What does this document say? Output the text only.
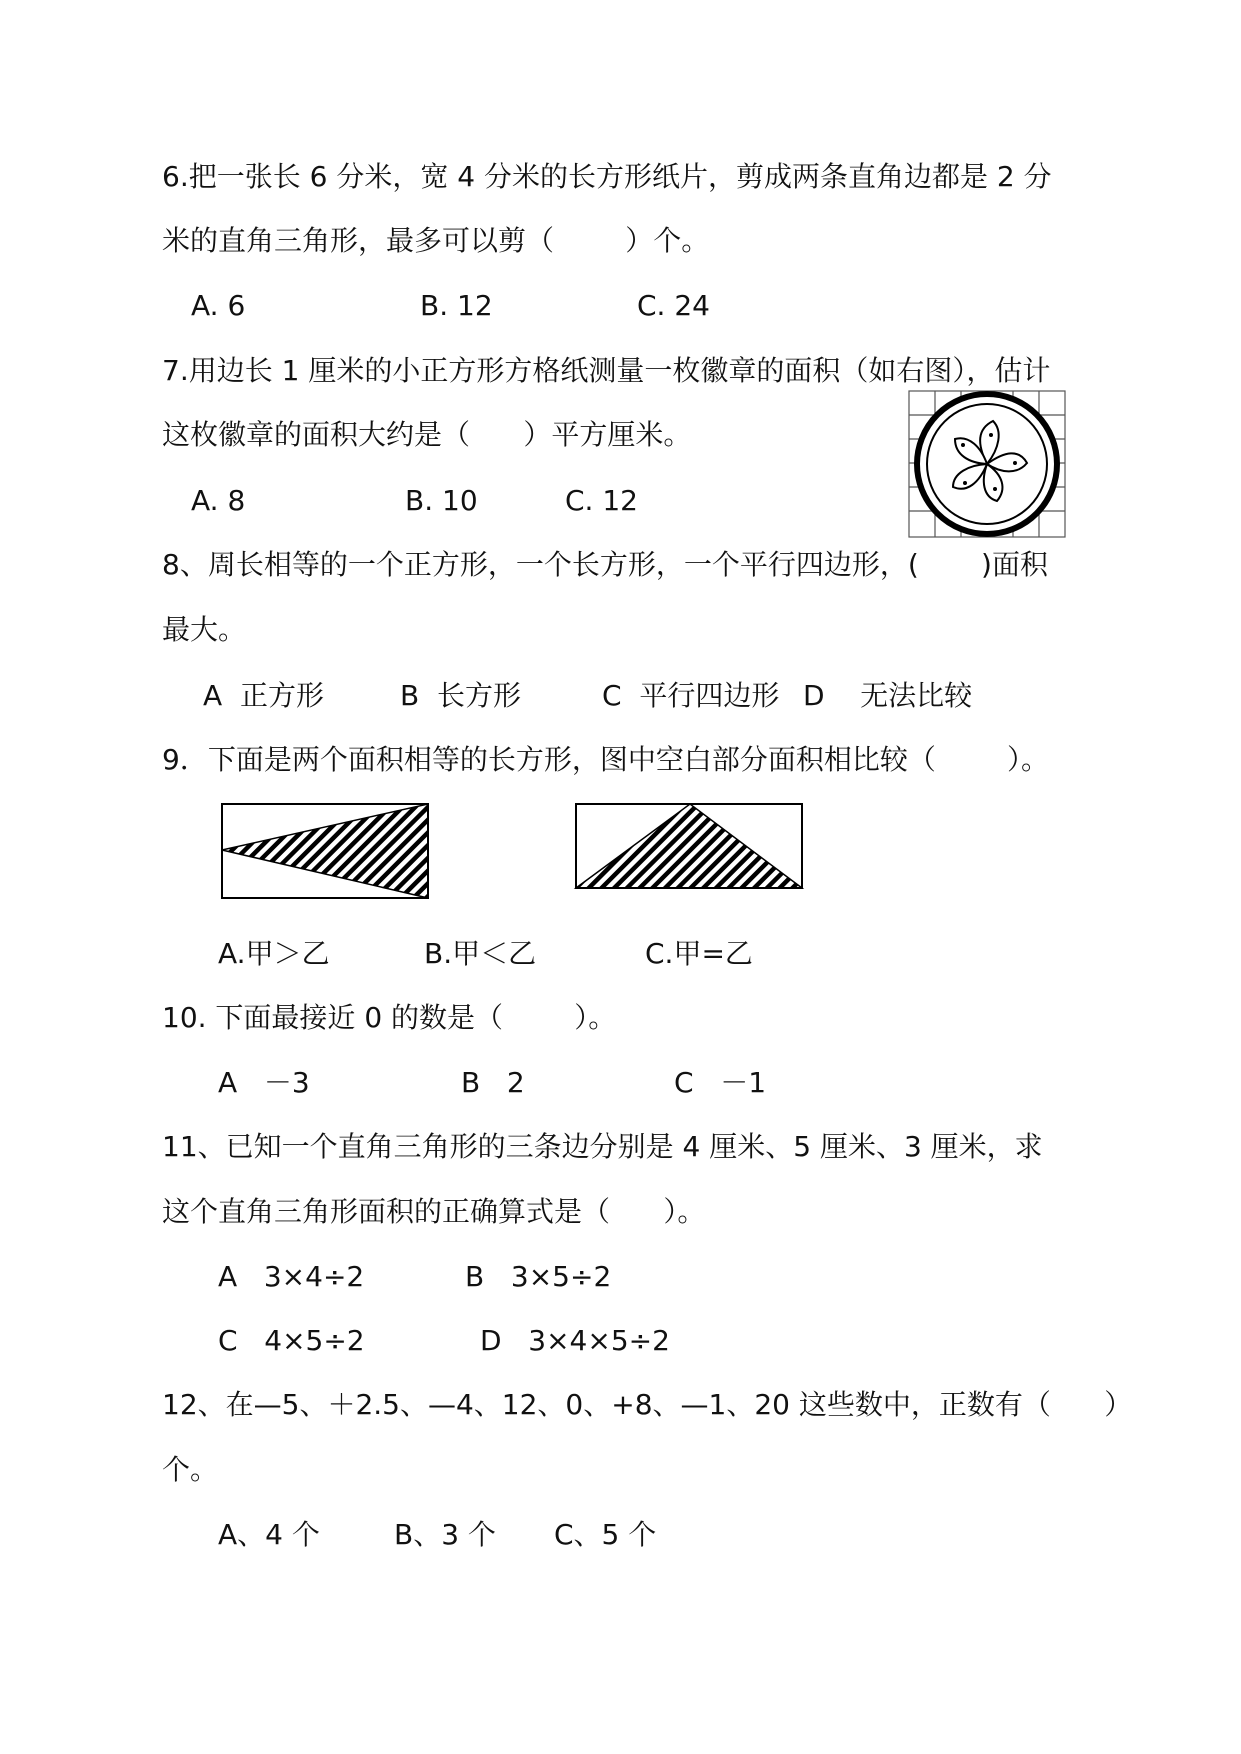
6.把一张长 6 分米，宽 4 分米的长方形纸片，剪成两条直角边都是 2 分
米的直角三角形，最多可以剪（        ）个。
A. 6	B. 12	C. 24
7.用边长 1 厘米的小正方形方格纸测量一枚徽章的面积（如右图），估计
这枚徽章的面积大约是（      ）平方厘米。
A. 8	B. 10	C. 12
8、周长相等的一个正方形，一个长方形，一个平行四边形，(       )面积
最大。
A  正方形	B  长方形	C  平行四边形 D    无法比较
9．下面是两个面积相等的长方形，图中空白部分面积相比较（        ）。
A.甲＞乙	B.甲＜乙	C.甲=乙
10. 下面最接近 0 的数是（        ）。
A   －3	B   2	C   －1
11、已知一个直角三角形的三条边分别是 4 厘米、5 厘米、3 厘米，求
这个直角三角形面积的正确算式是（      ）。
A   3×4÷2	B   3×5÷2
C   4×5÷2	D   3×4×5÷2
12、在—5、＋2.5、—4、12、0、+8、—1、20 这些数中，正数有（      ）
个。
A、4 个	B、3 个 C、5 个
